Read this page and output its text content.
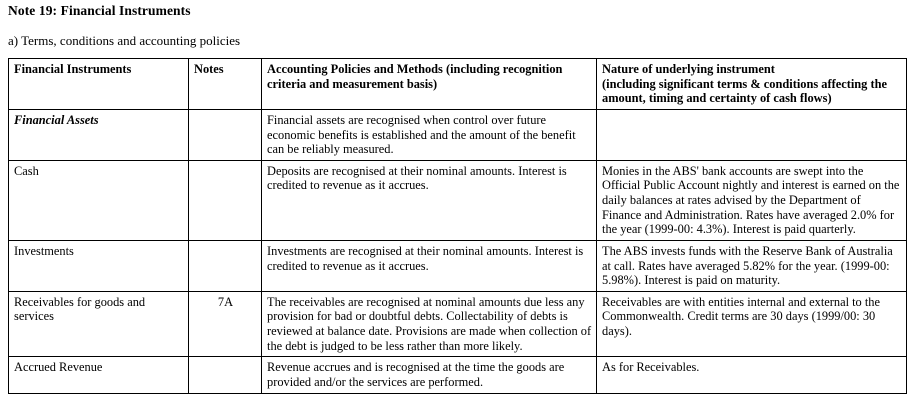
Note 19: Financial Instruments
a) Terms, conditions and accounting policies
Financial Instruments	Notes	Accounting Policies and Methods (including recognition criteria and measurement basis)	Nature of underlying instrument
(including significant terms & conditions affecting the amount, timing and certainty of cash flows)

Financial Assets		Financial assets are recognised when control over future economic benefits is established and the amount of the benefit can be reliably measured.	
Cash		Deposits are recognised at their nominal amounts. Interest is credited to revenue as it accrues.	Monies in the ABS' bank accounts are swept into the Official Public Account nightly and interest is earned on the daily balances at rates advised by the Department of Finance and Administration. Rates have averaged 2.0% for the year (1999-00: 4.3%). Interest is paid quarterly.
Investments		Investments are recognised at their nominal amounts. Interest is credited to revenue as it accrues.	The ABS invests funds with the Reserve Bank of Australia at call. Rates have averaged 5.82% for the year. (1999-00: 5.98%). Interest is paid on maturity.
Receivables for goods and services	7A	The receivables are recognised at nominal amounts due less any provision for bad or doubtful debts. Collectability of debts is reviewed at balance date. Provisions are made when collection of the debt is judged to be less rather than more likely.	Receivables are with entities internal and external to the Commonwealth. Credit terms are 30 days (1999/00: 30 days).
Accrued Revenue		Revenue accrues and is recognised at the time the goods are provided and/or the services are performed.	As for Receivables.
